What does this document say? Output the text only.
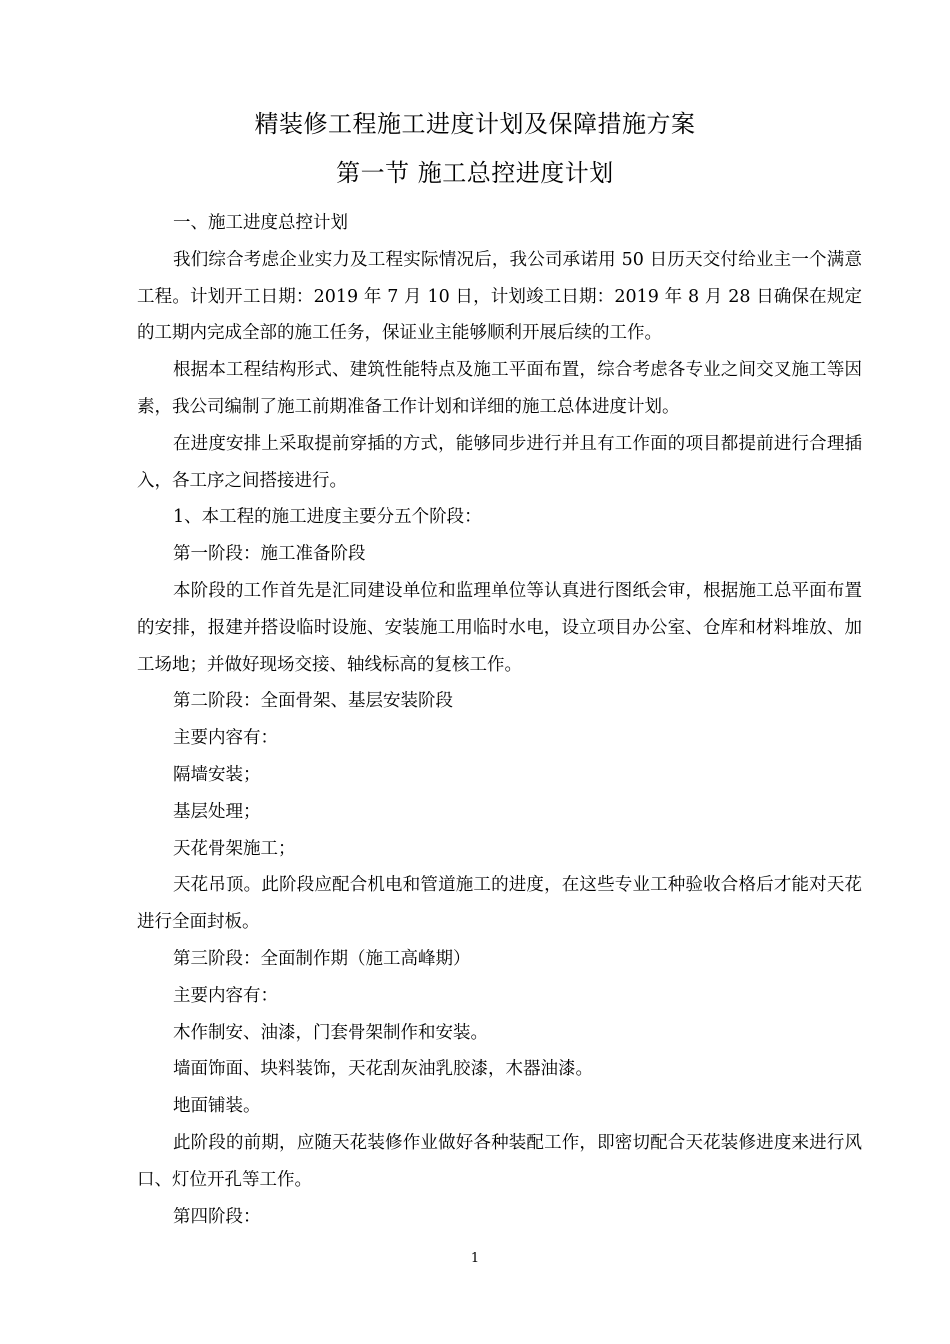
精装修工程施工进度计划及保障措施方案
第一节 施工总控进度计划

一、施工进度总控计划

我们综合考虑企业实力及工程实际情况后，我公司承诺用 50 日历天交付给业主一个满意工程。计划开工日期：2019 年 7 月 10 日，计划竣工日期：2019 年 8 月 28 日确保在规定的工期内完成全部的施工任务，保证业主能够顺利开展后续的工作。

根据本工程结构形式、建筑性能特点及施工平面布置，综合考虑各专业之间交叉施工等因素，我公司编制了施工前期准备工作计划和详细的施工总体进度计划。

在进度安排上采取提前穿插的方式，能够同步进行并且有工作面的项目都提前进行合理插入，各工序之间搭接进行。

1、本工程的施工进度主要分五个阶段：

第一阶段：施工准备阶段

本阶段的工作首先是汇同建设单位和监理单位等认真进行图纸会审，根据施工总平面布置的安排，报建并搭设临时设施、安装施工用临时水电，设立项目办公室、仓库和材料堆放、加工场地；并做好现场交接、轴线标高的复核工作。

第二阶段：全面骨架、基层安装阶段

主要内容有：

隔墙安装；

基层处理；

天花骨架施工；

天花吊顶。此阶段应配合机电和管道施工的进度，在这些专业工种验收合格后才能对天花进行全面封板。

第三阶段：全面制作期（施工高峰期）

主要内容有：

木作制安、油漆，门套骨架制作和安装。

墙面饰面、块料装饰，天花刮灰油乳胶漆，木器油漆。

地面铺装。

此阶段的前期，应随天花装修作业做好各种装配工作，即密切配合天花装修进度来进行风口、灯位开孔等工作。

第四阶段：

1
